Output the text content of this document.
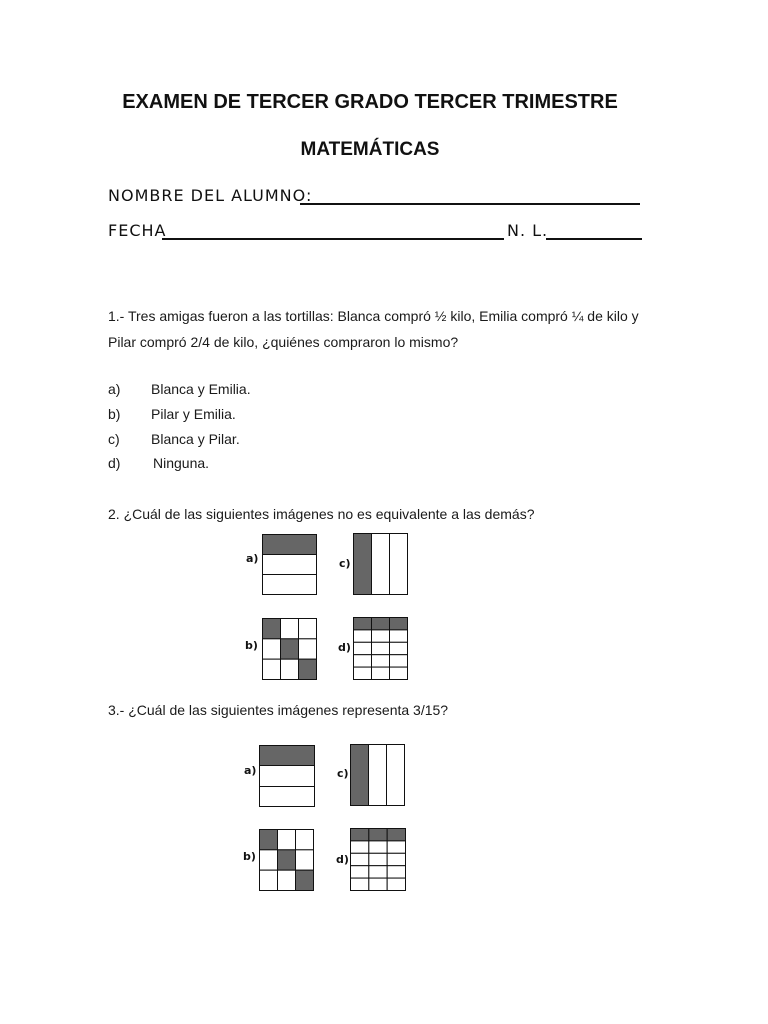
EXAMEN DE TERCER GRADO TERCER TRIMESTRE
MATEMÁTICAS
NOMBRE DEL ALUMNO:
FECHA	N. L.
1.- Tres amigas fueron a las tortillas: Blanca compró ½ kilo, Emilia compró ¼ de kilo y
Pilar compró 2/4 de kilo, ¿quiénes compraron lo mismo?
a) Blanca y Emilia.
b) Pilar y Emilia.
c) Blanca y Pilar.
d) Ninguna.
2. ¿Cuál de las siguientes imágenes no es equivalente a las demás?
a)	c)
b)	d)
3.- ¿Cuál de las siguientes imágenes representa 3/15?
a)	c)
b)	d)
